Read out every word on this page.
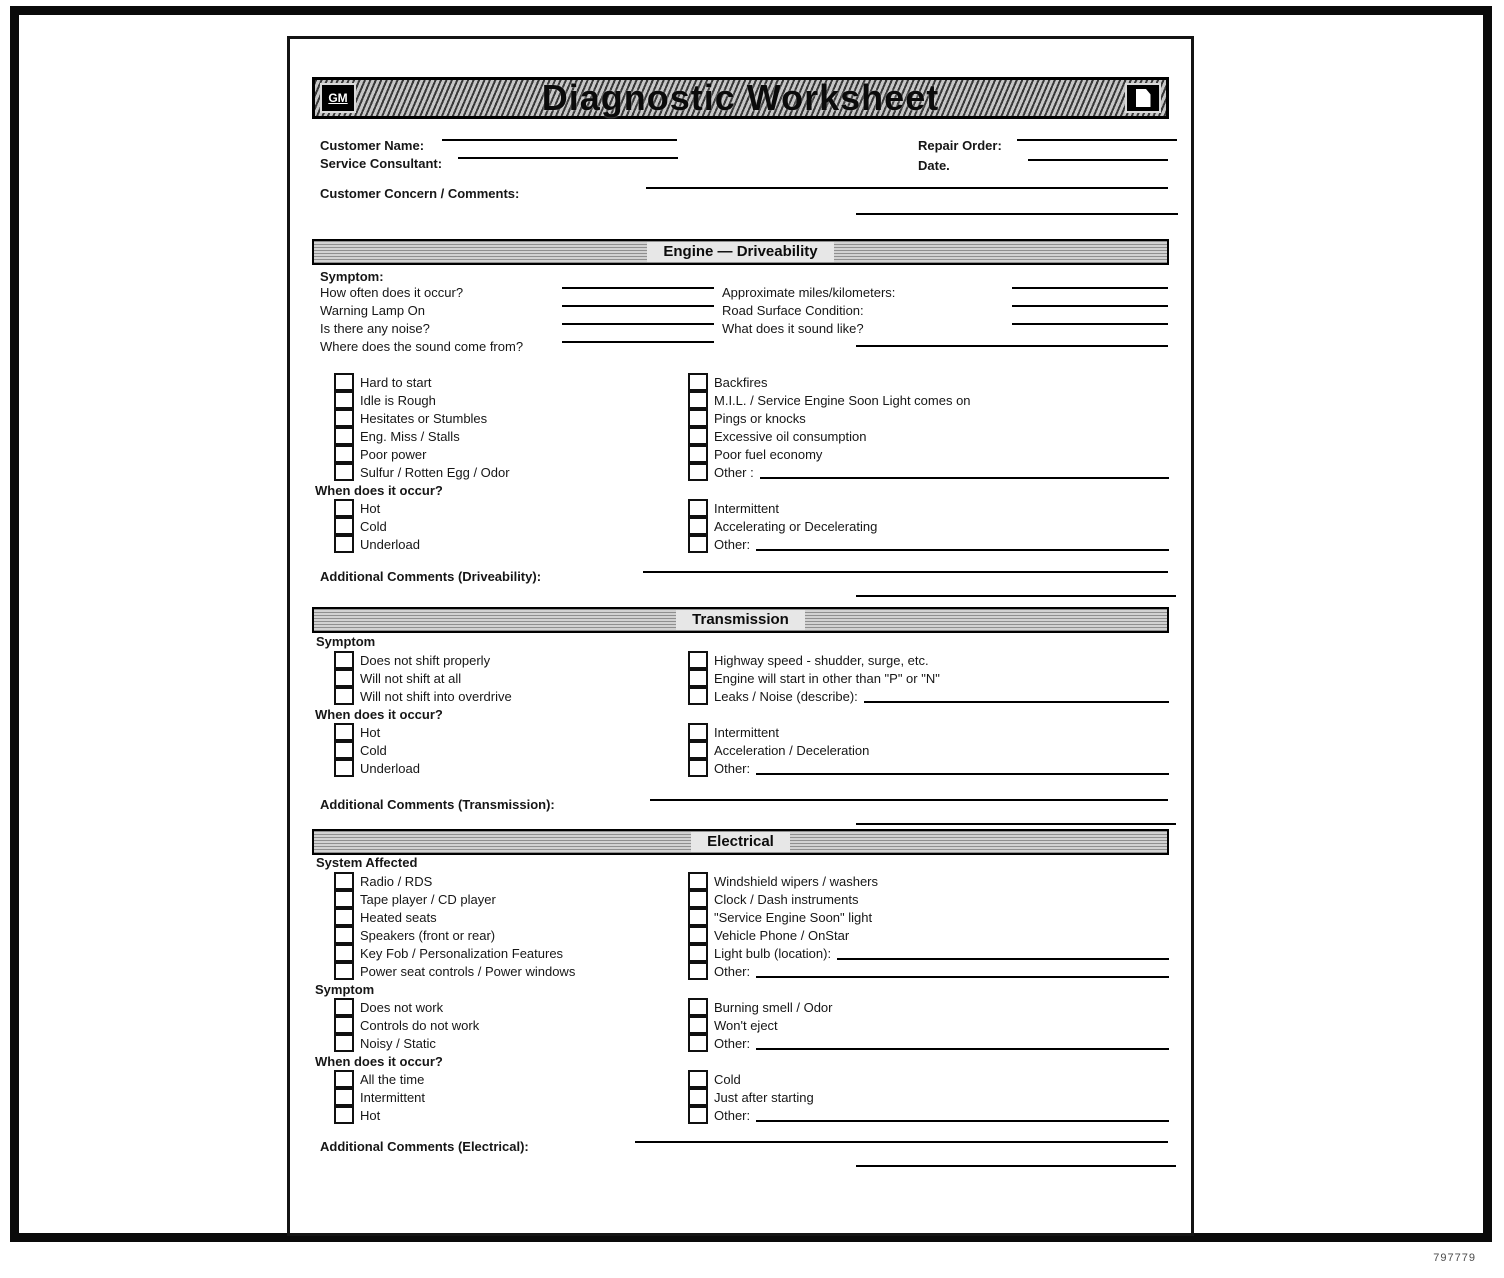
GM	Diagnostic Worksheet
Customer Name:	Repair Order:
Service Consultant:	Date.
Customer Concern / Comments:
Engine — Driveability
Symptom:
How often does it occur?	Approximate miles/kilometers:
Warning Lamp On	Road Surface Condition:
Is there any noise?	What does it sound like?
Where does the sound come from?
Hard to start
Idle is Rough
Hesitates or Stumbles
Eng. Miss / Stalls
Poor power
Sulfur / Rotten Egg / Odor
When does it occur?
Hot
Cold
Underload
Backfires
M.I.L. / Service Engine Soon Light comes on
Pings or knocks
Excessive oil consumption
Poor fuel economy
Other :
Intermittent
Accelerating or Decelerating
Other:
Additional Comments (Driveability):
Transmission
Symptom
Does not shift properly
Will not shift at all
Will not shift into overdrive
When does it occur?
Hot
Cold
Underload
Highway speed - shudder, surge, etc.
Engine will start in other than "P" or "N"
Leaks / Noise (describe):
Intermittent
Acceleration / Deceleration
Other:
Additional Comments (Transmission):
Electrical
System Affected
Radio / RDS
Tape player / CD player
Heated seats
Speakers (front or rear)
Key Fob / Personalization Features
Power seat controls / Power windows
Symptom
Does not work
Controls do not work
Noisy / Static
When does it occur?
All the time
Intermittent
Hot
Windshield wipers / washers
Clock / Dash instruments
"Service Engine Soon" light
Vehicle Phone / OnStar
Light bulb (location):
Other:
Burning smell / Odor
Won't eject
Other:
Cold
Just after starting
Other:
Additional Comments (Electrical):
797779
